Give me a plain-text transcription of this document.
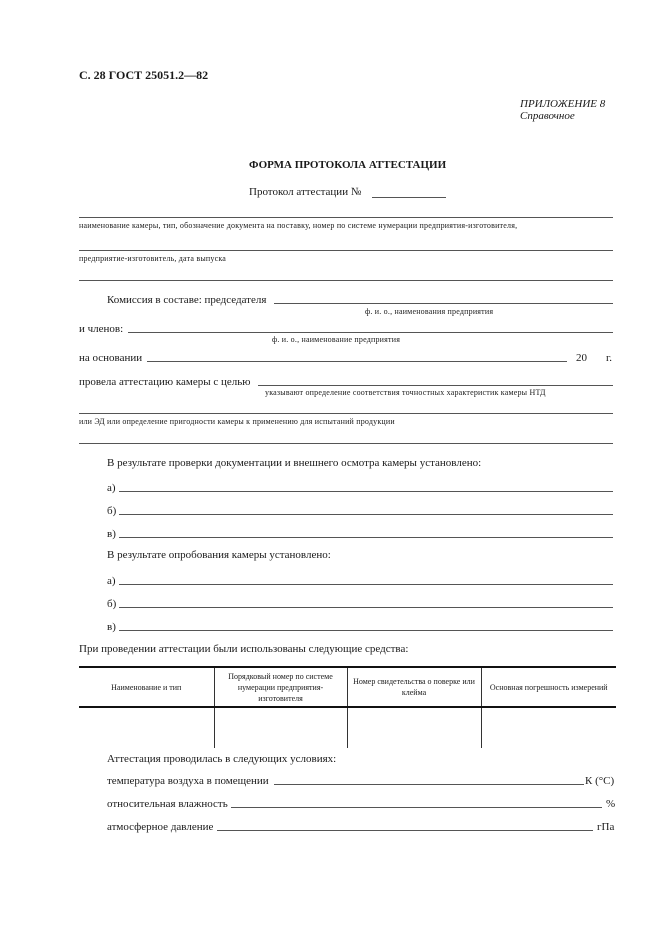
С. 28 ГОСТ 25051.2—82
ПРИЛОЖЕНИЕ 8
Справочное
ФОРМА ПРОТОКОЛА АТТЕСТАЦИИ
Протокол аттестации №
наименование камеры, тип, обозначение документа на поставку, номер по системе нумерации предприятия-изготовителя,
предприятие-изготовитель, дата выпуска
Комиссия в составе: председателя
ф. и. о., наименования предприятия
и членов:
ф. и. о., наименование предприятия
на основании	20 г.
провела аттестацию камеры с целью
указывают определение соответствия точностных характеристик камеры НТД
или ЭД или определение пригодности камеры к применению для испытаний продукции
В результате проверки документации и внешнего осмотра камеры установлено:
а)
б)
в)
В результате опробования камеры установлено:
а)
б)
в)
При проведении аттестации были использованы следующие средства:
Наименование и тип	Порядковый номер по системе нумерации предприятия-изготовителя	Номер свидетельства о поверке или клейма	Основная погрешность измерений

Аттестация проводилась в следующих условиях:
температура воздуха в помещении	К (°С)
относительная влажность	%
атмосферное давление	гПа
